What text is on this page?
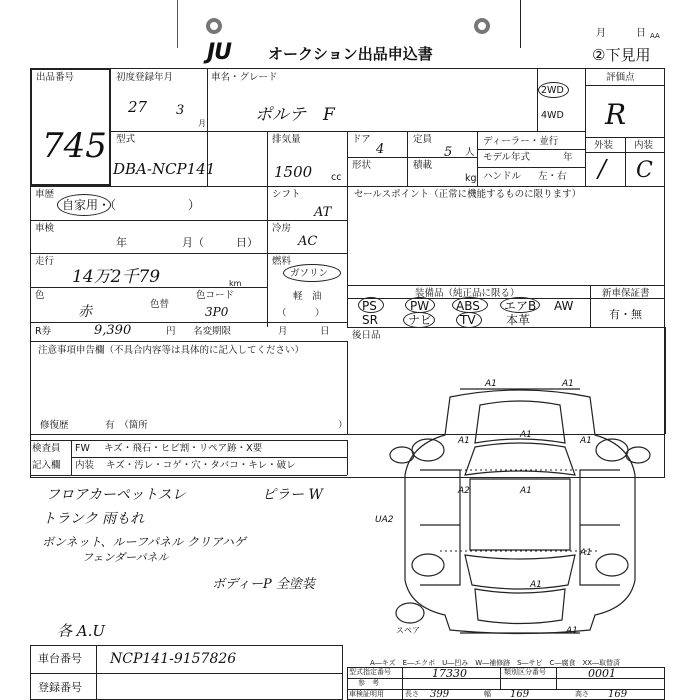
JU オークション出品申込書
月	日 AA
②下見用
出品番号
745
初度登録年月
27 3
月
車名・グレード
ポルテ　F
2WD
4WD
評価点
R
外装 内装
/ C
型式
DBA-NCP141
排気量
1500 cc
ドア
4
形状
定員
5 人
積載
kg
ディーラー・並行
モデル年式	年
ハンドル 左・右
車歴
自家用・（　　　　　　）
シフト
AT
セールスポイント（正常に機能するものに限ります）
車検
年	月（	日）
冷房
AC
走行
14万2千79	km
燃料
ガソリン
軽　油
（　　　）
色
赤	色替
色コード
3P0
装備品（純正品に限る）	新車保証書
有・無
PS	PW ABS エアB AW
SR	ナビ TV	本革
R券	9,390	円 名変期限	月	日 後日品
注意事項申告欄（不具合内容等は具体的に記入してください）
修復歴	有　（箇所	）
検査員
記入欄
FW キズ・飛石・ヒビ割・リペア跡・X要
内装 キズ・汚レ・コゲ・穴・タバコ・キレ・破レ
フロアカーペットスレ
トランク 雨もれ
ボンネット、ルーフパネル クリアハゲ
フェンダーパネル
ボディーP 全塗装
ピラー W
各 A.U
車台番号 NCP141-9157826
登録番号
A1	A1
A1
A1
A2	A1
A1
A1
A1
A1
UA2
スペア
A―キズ　E―エクボ　U―凹み　W―補修跡　S―サビ　C―腐食　XX―取替済
型式指定番号	17330	類別区分番号	0001
参　考
車検証明用	長さ 399	幅 169	高さ 169
